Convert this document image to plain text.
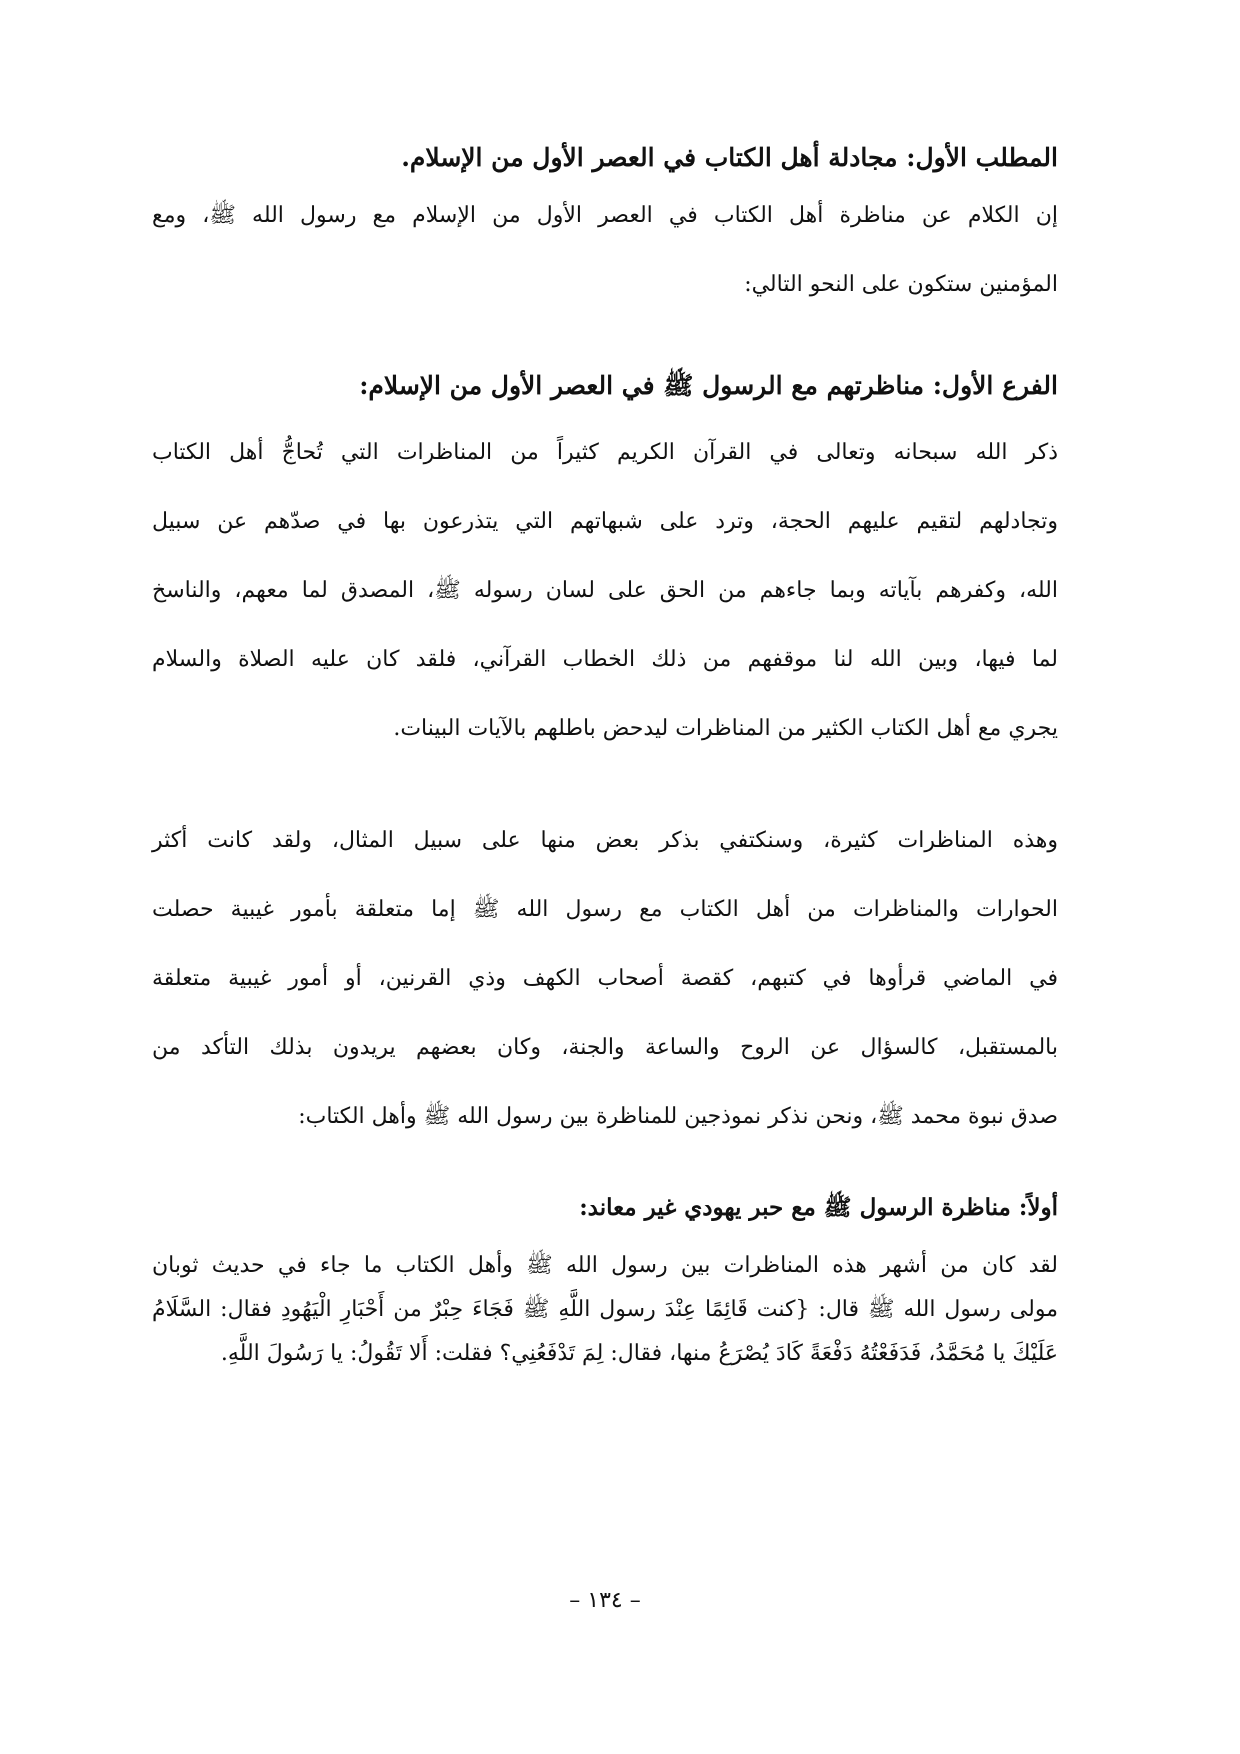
المطلب الأول: مجادلة أهل الكتاب في العصر الأول من الإسلام.

إن الكلام عن مناظرة أهل الكتاب في العصر الأول من الإسلام مع رسول الله ﷺ، ومع
المؤمنين ستكون على النحو التالي:

الفرع الأول: مناظرتهم مع الرسول ﷺ في العصر الأول من الإسلام:

ذكر الله سبحانه وتعالى في القرآن الكريم كثيراً من المناظرات التي تُحاجُّ أهل الكتاب
وتجادلهم لتقيم عليهم الحجة، وترد على شبهاتهم التي يتذرعون بها في صدّهم عن سبيل
الله، وكفرهم بآياته وبما جاءهم من الحق على لسان رسوله ﷺ، المصدق لما معهم، والناسخ
لما فيها، وبين الله لنا موقفهم من ذلك الخطاب القرآني، فلقد كان عليه الصلاة والسلام
يجري مع أهل الكتاب الكثير من المناظرات ليدحض باطلهم بالآيات البينات.

وهذه المناظرات كثيرة، وسنكتفي بذكر بعض منها على سبيل المثال، ولقد كانت أكثر
الحوارات والمناظرات من أهل الكتاب مع رسول الله ﷺ إما متعلقة بأمور غيبية حصلت
في الماضي قرأوها في كتبهم، كقصة أصحاب الكهف وذي القرنين، أو أمور غيبية متعلقة
بالمستقبل، كالسؤال عن الروح والساعة والجنة، وكان بعضهم يريدون بذلك التأكد من
صدق نبوة محمد ﷺ، ونحن نذكر نموذجين للمناظرة بين رسول الله ﷺ وأهل الكتاب:

أولاً: مناظرة الرسول ﷺ مع حبر يهودي غير معاند:

لقد كان من أشهر هذه المناظرات بين رسول الله ﷺ وأهل الكتاب ما جاء في حديث ثوبان
مولى رسول الله ﷺ قال: {كنت قَائِمًا عِنْدَ رسول اللَّهِ ﷺ فَجَاءَ حِبْرٌ من أَحْبَارِ الْيَهُودِ فقال: السَّلَامُ
عَلَيْكَ يا مُحَمَّدُ، فَدَفَعْتُهُ دَفْعَةً كَادَ يُصْرَعُ منها، فقال: لِمَ تَدْفَعُنِي؟ فقلت: أَلا تَقُولُ: يا رَسُولَ اللَّهِ.

– ١٣٤ –
